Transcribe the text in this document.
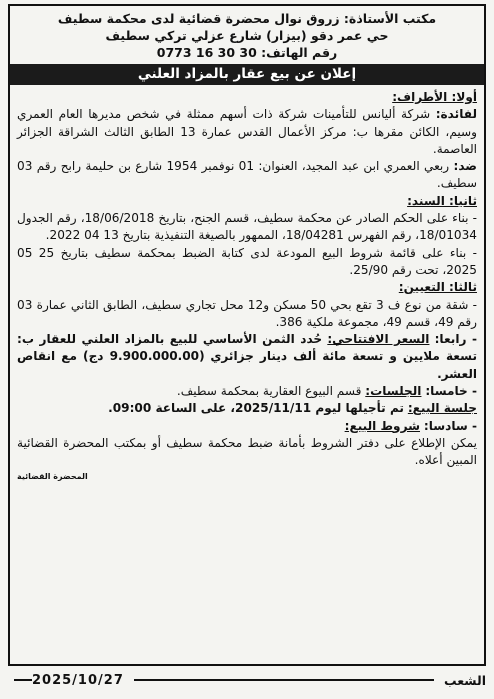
مكتب الأستاذة: زروق نوال محضرة قضائية لدى محكمة سطيف
حي عمر دقو (بيزار) شارع عزلي تركي سطيف
رقم الهاتف: 0773 16 30 30
إعلان عن بيع عقار بالمزاد العلني

أولا: الأطراف:

لفائدة: شركة أليانس للتأمينات شركة ذات أسهم ممثلة في شخص مديرها العام العمري وسيم، الكائن مقرها ب: مركز الأعمال القدس عمارة 13 الطابق الثالث الشراقة الجزائر العاصمة.

ضد: ربعي العمري ابن عبد المجيد، العنوان: 01 نوفمبر 1954 شارع بن حليمة رابح رقم 03 سطيف.

ثانيا: السند:

- بناء على الحكم الصادر عن محكمة سطيف، قسم الجنح، بتاريخ 18/06/2018، رقم الجدول 18/01034، رقم الفهرس 18/04281، الممهور بالصيغة التنفيذية بتاريخ 13 04 2022.

- بناء على قائمة شروط البيع المودعة لدى كتابة الضبط بمحكمة سطيف بتاريخ 25 05 2025، تحت رقم 25/90.

ثالثا: التعيين:

- شقة من نوع ف 3 تقع بحي 50 مسكن و12 محل تجاري سطيف، الطابق الثاني عمارة 03 رقم 49، قسم 49، مجموعة ملكية 386.

- رابعا: السعر الافتتاحي: حُدد الثمن الأساسي للبيع بالمزاد العلني للعقار ب: تسعة ملايين و تسعة مائة ألف دينار جزائري (9.900.000.00 دج) مع انقاص العشر.

- خامسا: الجلسات: قسم البيوع العقارية بمحكمة سطيف.

جلسة البيع: تم تأجيلها ليوم 2025/11/11، على الساعة 09:00.

- سادسا: شروط البيع:

يمكن الإطلاع على دفتر الشروط بأمانة ضبط محكمة سطيف أو بمكتب المحضرة القضائية المبين أعلاه.

المحضرة القضائية
الشعب
2025/10/27
